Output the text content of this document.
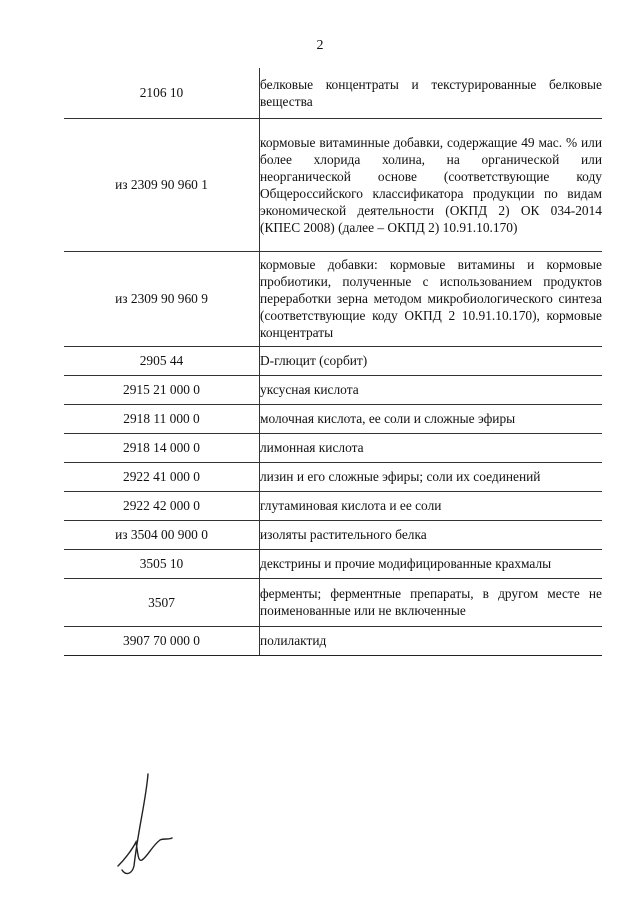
2
2106 10	белковые концентраты и текстурированные белковые вещества
из 2309 90 960 1	кормовые витаминные добавки, содержащие 49 мас. % или более хлорида холина, на органической или неорганической основе (соответствующие коду Общероссийского классификатора продукции по видам экономической деятельности (ОКПД 2) ОК 034-2014 (КПЕС 2008) (далее – ОКПД 2) 10.91.10.170)
из 2309 90 960 9	кормовые добавки: кормовые витамины и кормовые пробиотики, полученные с использованием продуктов переработки зерна методом микробиологического синтеза (соответствующие коду ОКПД 2 10.91.10.170), кормовые концентраты
2905 44	D-глюцит (сорбит)
2915 21 000 0	уксусная кислота
2918 11 000 0	молочная кислота, ее соли и сложные эфиры
2918 14 000 0	лимонная кислота
2922 41 000 0	лизин и его сложные эфиры; соли их соединений
2922 42 000 0	глутаминовая кислота и ее соли
из 3504 00 900 0	изоляты растительного белка
3505 10	декстрины и прочие модифицированные крахмалы
3507	ферменты; ферментные препараты, в другом месте не поименованные или не включенные
3907 70 000 0	полилактид
